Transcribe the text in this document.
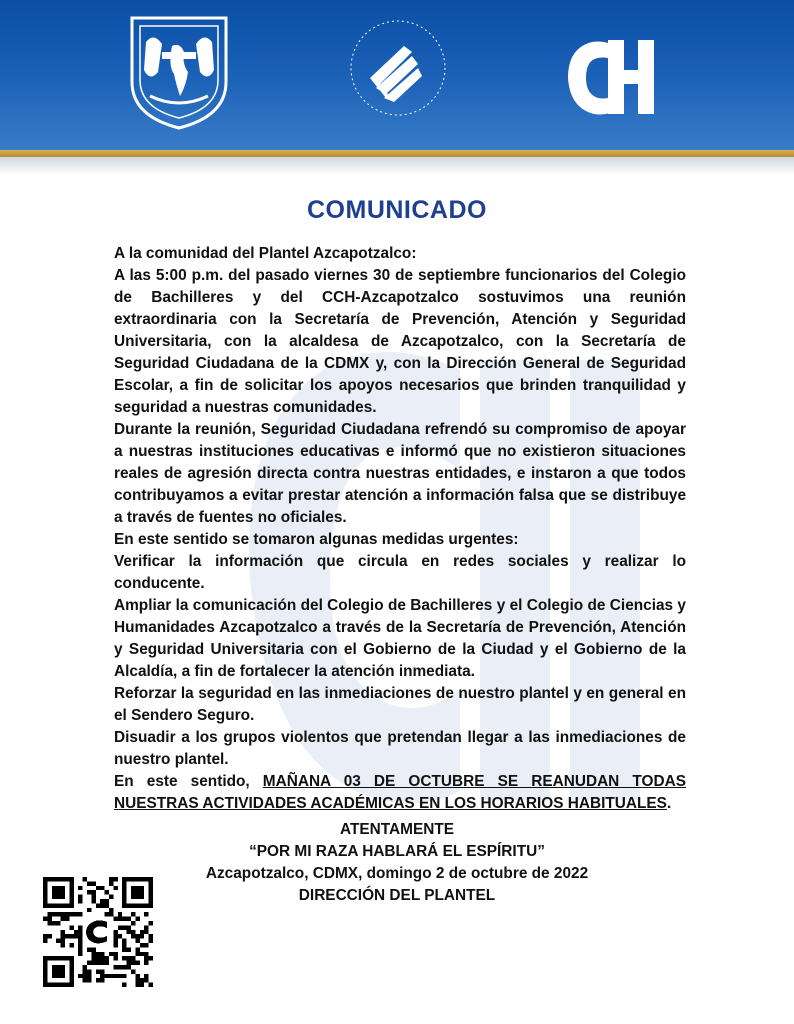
COMUNICADO

A la comunidad del Plantel Azcapotzalco:

A las 5:00 p.m. del pasado viernes 30 de septiembre funcionarios del Colegio de Bachilleres y del CCH-Azcapotzalco sostuvimos una reunión extraordinaria con la Secretaría de Prevención, Atención y Seguridad Universitaria, con la alcaldesa de Azcapotzalco, con la Secretaría de Seguridad Ciudadana de la CDMX y, con la Dirección General de Seguridad Escolar, a fin de solicitar los apoyos necesarios que brinden tranquilidad y seguridad a nuestras comunidades.

Durante la reunión, Seguridad Ciudadana refrendó su compromiso de apoyar a nuestras instituciones educativas e informó que no existieron situaciones reales de agresión directa contra nuestras entidades, e instaron a que todos contribuyamos a evitar prestar atención a información falsa que se distribuye a través de fuentes no oficiales.

En este sentido se tomaron algunas medidas urgentes:

Verificar la información que circula en redes sociales y realizar lo conducente.

Ampliar la comunicación del Colegio de Bachilleres y el Colegio de Ciencias y Humanidades Azcapotzalco a través de la Secretaría de Prevención, Atención y Seguridad Universitaria con el Gobierno de la Ciudad y el Gobierno de la Alcaldía, a fin de fortalecer la atención inmediata.

Reforzar la seguridad en las inmediaciones de nuestro plantel y en general en el Sendero Seguro.

Disuadir a los grupos violentos que pretendan llegar a las inmediaciones de nuestro plantel.

En este sentido, MAÑANA 03 DE OCTUBRE SE REANUDAN TODAS NUESTRAS ACTIVIDADES ACADÉMICAS EN LOS HORARIOS HABITUALES.

ATENTAMENTE
“POR MI RAZA HABLARÁ EL ESPÍRITU”
Azcapotzalco, CDMX, domingo 2 de octubre de 2022
DIRECCIÓN DEL PLANTEL
